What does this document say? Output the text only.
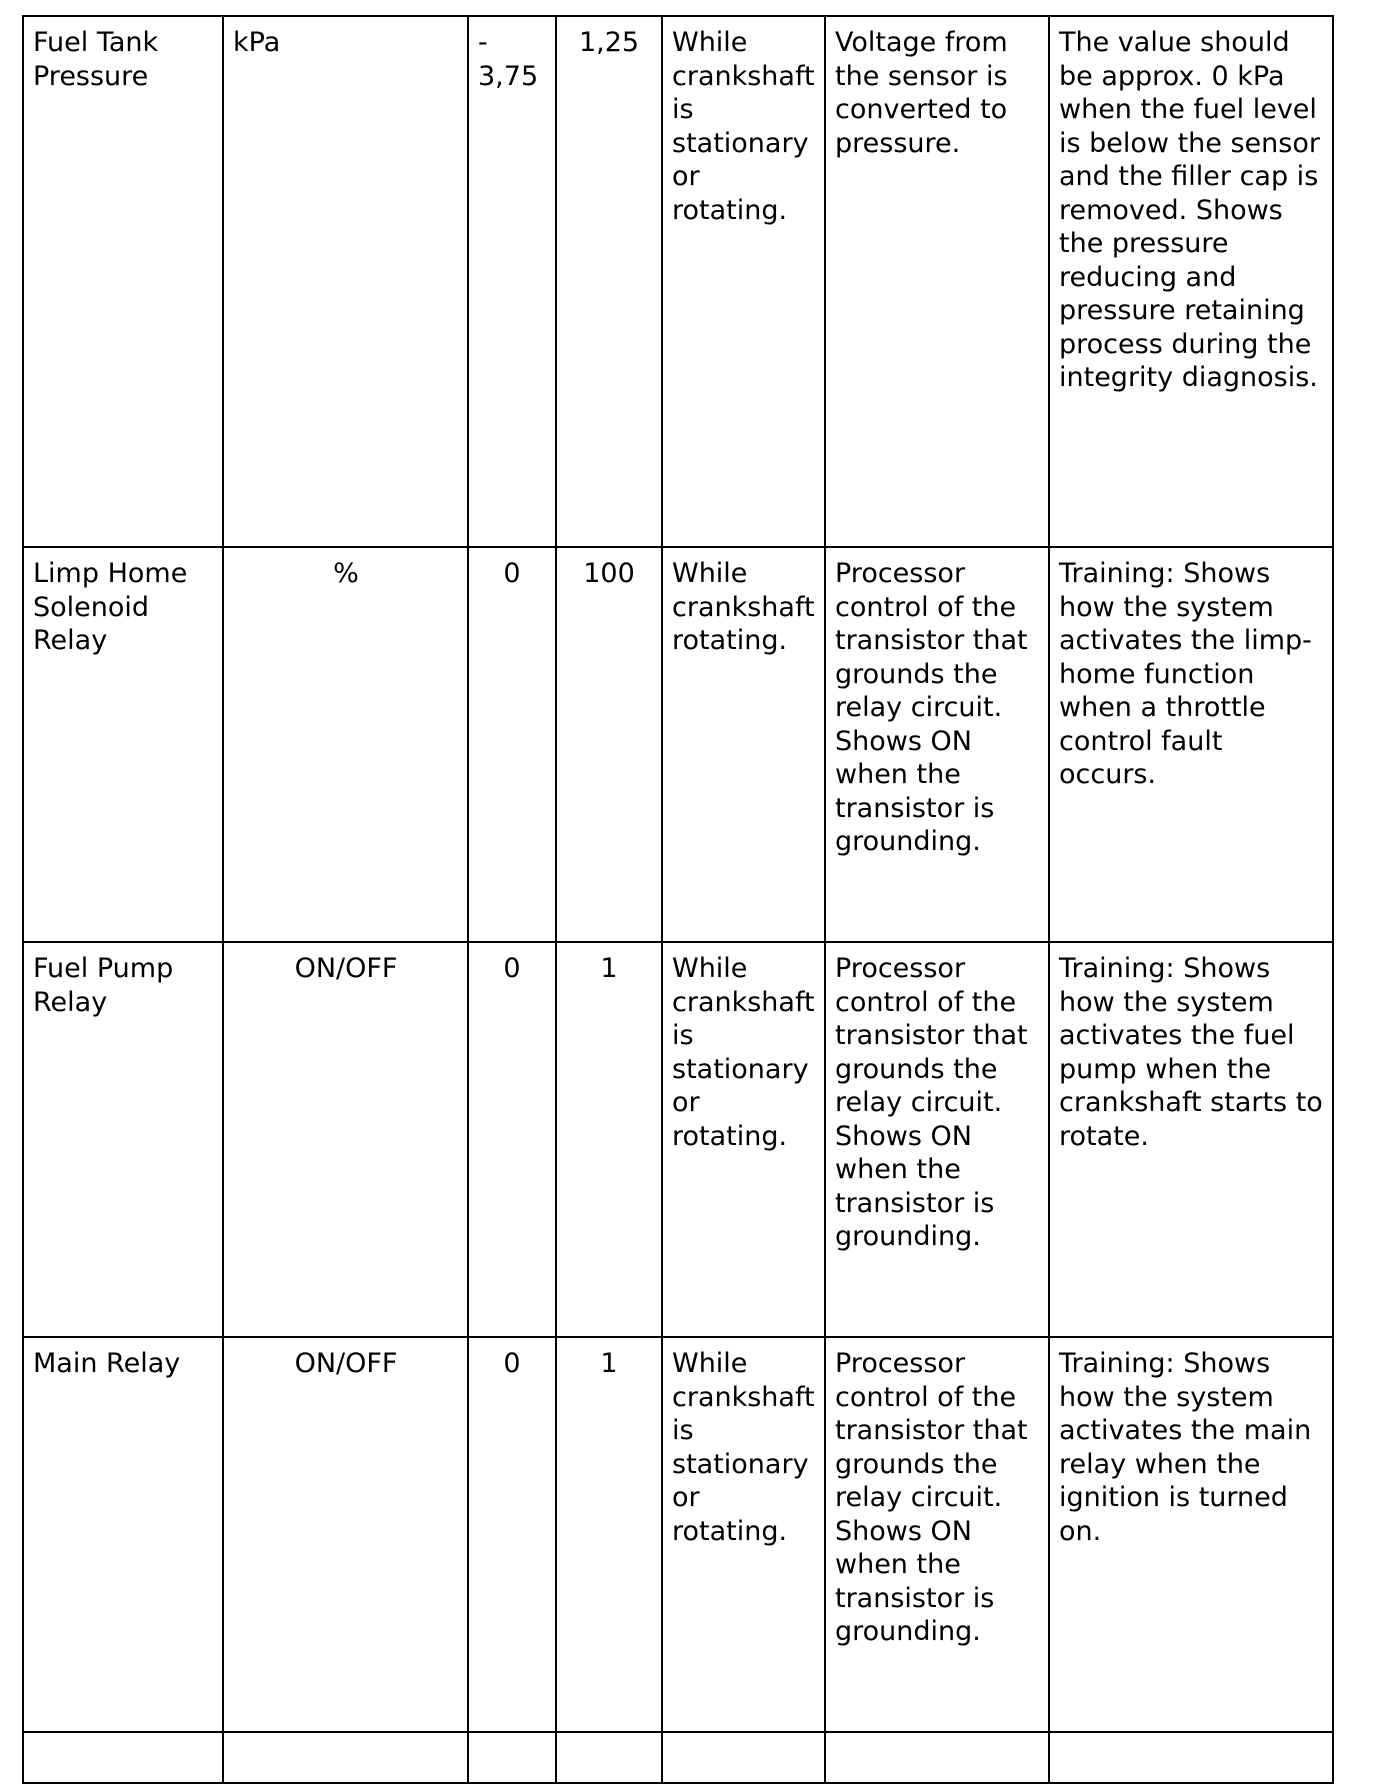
Fuel Tank Pressure	kPa	- 3,75	1,25	While crankshaft is stationary or rotating.	Voltage from the sensor is converted to pressure.	The value should be approx. 0 kPa when the fuel level is below the sensor and the filler cap is removed. Shows the pressure reducing and pressure retaining process during the integrity diagnosis.
Limp Home Solenoid Relay	%	0	100	While crankshaft rotating.	Processor control of the transistor that grounds the relay circuit. Shows ON when the transistor is grounding.	Training: Shows how the system activates the limp-home function when a throttle control fault occurs.
Fuel Pump Relay	ON/OFF	0	1	While crankshaft is stationary or rotating.	Processor control of the transistor that grounds the relay circuit. Shows ON when the transistor is grounding.	Training: Shows how the system activates the fuel pump when the crankshaft starts to rotate.
Main Relay	ON/OFF	0	1	While crankshaft is stationary or rotating.	Processor control of the transistor that grounds the relay circuit. Shows ON when the transistor is grounding.	Training: Shows how the system activates the main relay when the ignition is turned on.
